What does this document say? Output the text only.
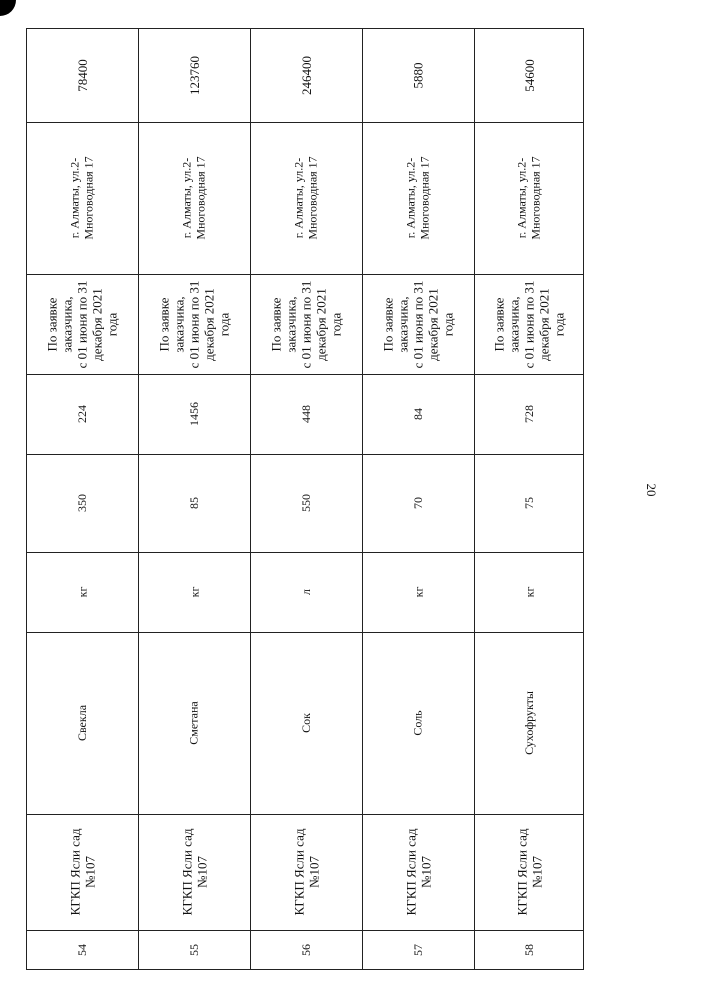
78400
г. Алматы, ул.2-
Многоводная 17
По заявке
заказчика,
с 01 июня по 31
декабря 2021
года
224
350
кг
Свекла
КГКП Ясли сад
№107
54
123760
г. Алматы, ул.2-
Многоводная 17
По заявке
заказчика,
с 01 июня по 31
декабря 2021
года
1456
85
кг
Сметана
КГКП Ясли сад
№107
55
246400
г. Алматы, ул.2-
Многоводная 17
По заявке
заказчика,
с 01 июня по 31
декабря 2021
года
448
550
л
Сок
КГКП Ясли сад
№107
56
5880
г. Алматы, ул.2-
Многоводная 17
По заявке
заказчика,
с 01 июня по 31
декабря 2021
года
84
70
кг
Соль
КГКП Ясли сад
№107
57
54600
г. Алматы, ул.2-
Многоводная 17
По заявке
заказчика,
с 01 июня по 31
декабря 2021
года
728
75
кг
Сухофрукты
КГКП Ясли сад
№107
58
20
